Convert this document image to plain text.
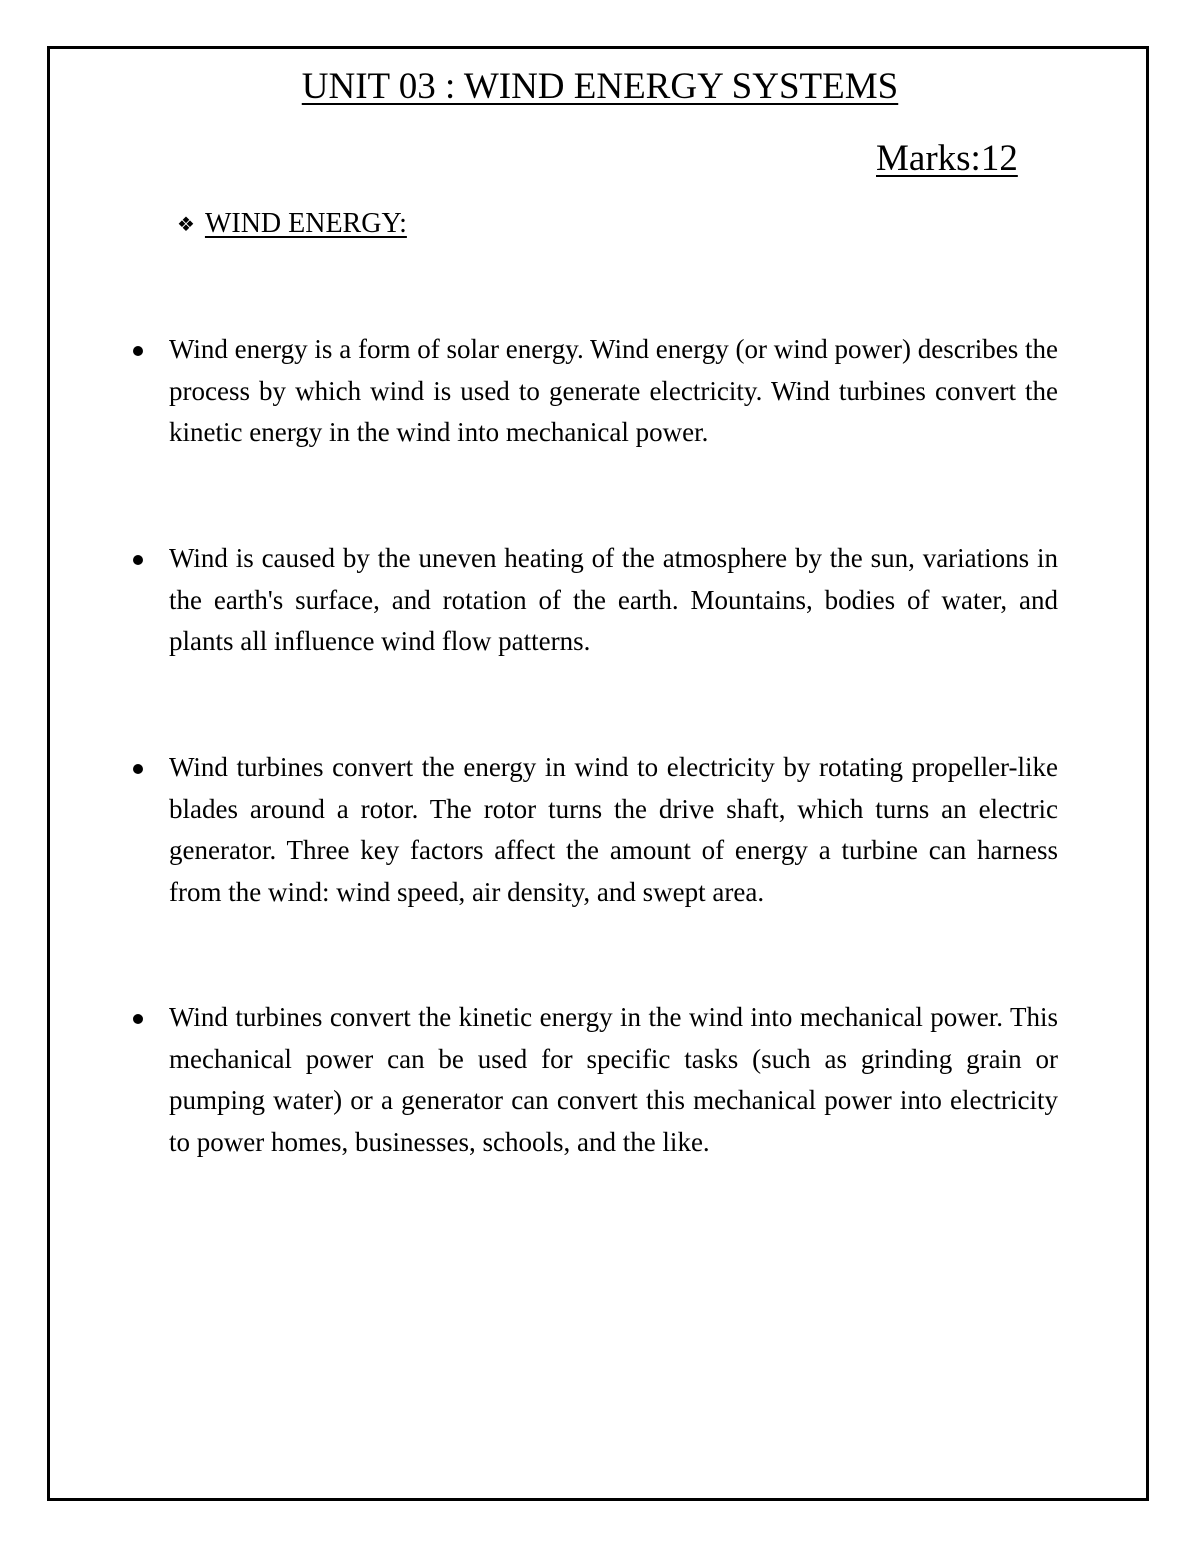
UNIT 03 : WIND ENERGY SYSTEMS
Marks:12
❖ WIND ENERGY:
Wind energy is a form of solar energy. Wind energy (or wind power) describes the process by which wind is used to generate electricity. Wind turbines convert the kinetic energy in the wind into mechanical power.
Wind is caused by the uneven heating of the atmosphere by the sun, variations in the earth's surface, and rotation of the earth. Mountains, bodies of water, and plants all influence wind flow patterns.
Wind turbines convert the energy in wind to electricity by rotating propeller-like blades around a rotor. The rotor turns the drive shaft, which turns an electric generator. Three key factors affect the amount of energy a turbine can harness from the wind: wind speed, air density, and swept area.
Wind turbines convert the kinetic energy in the wind into mechanical power. This mechanical power can be used for specific tasks (such as grinding grain or pumping water) or a generator can convert this mechanical power into electricity to power homes, businesses, schools, and the like.
